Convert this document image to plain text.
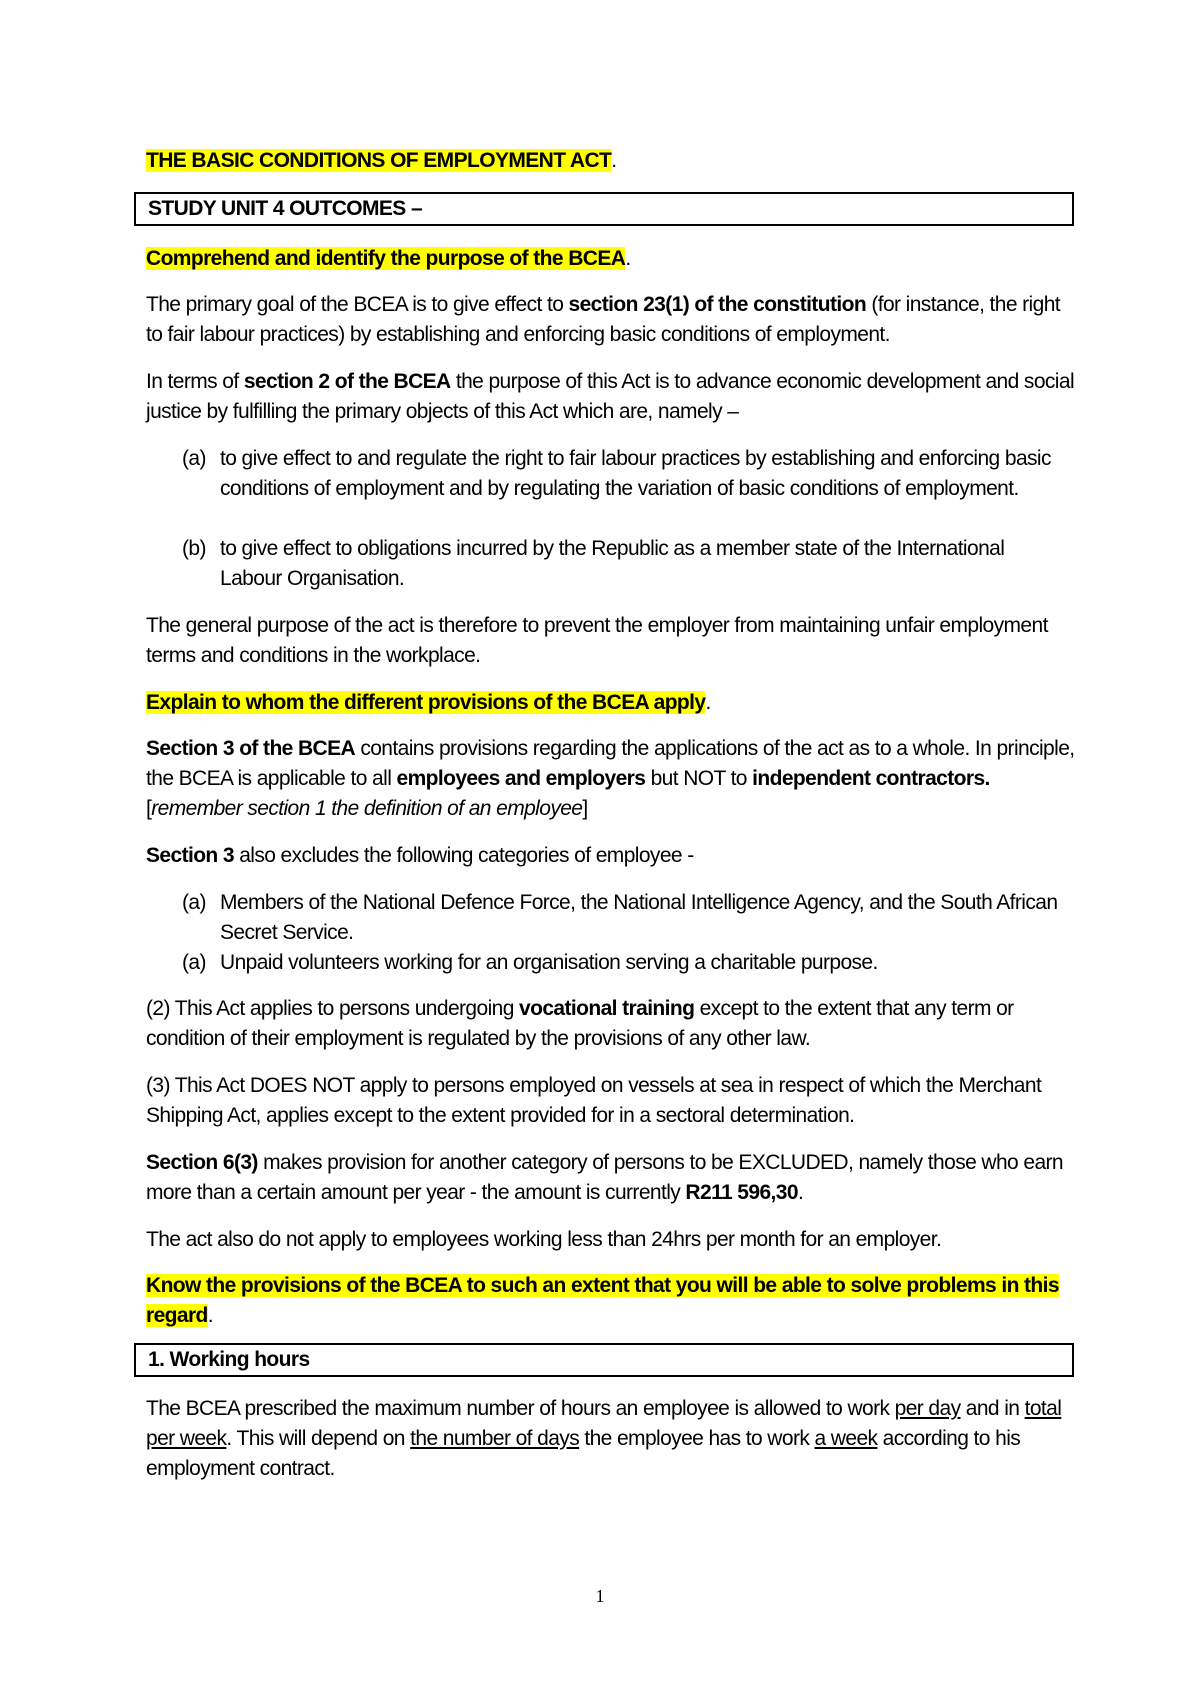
THE BASIC CONDITIONS OF EMPLOYMENT ACT.
STUDY UNIT 4 OUTCOMES –
Comprehend and identify the purpose of the BCEA.
The primary goal of the BCEA is to give effect to section 23(1) of the constitution (for instance, the right to fair labour practices) by establishing and enforcing basic conditions of employment.
In terms of section 2 of the BCEA the purpose of this Act is to advance economic development and social justice by fulfilling the primary objects of this Act which are, namely –
(a) to give effect to and regulate the right to fair labour practices by establishing and enforcing basic conditions of employment and by regulating the variation of basic conditions of employment.
(b) to give effect to obligations incurred by the Republic as a member state of the International Labour Organisation.
The general purpose of the act is therefore to prevent the employer from maintaining unfair employment terms and conditions in the workplace.
Explain to whom the different provisions of the BCEA apply.
Section 3 of the BCEA contains provisions regarding the applications of the act as to a whole. In principle, the BCEA is applicable to all employees and employers but NOT to independent contractors. [remember section 1 the definition of an employee]
Section 3 also excludes the following categories of employee -
(a) Members of the National Defence Force, the National Intelligence Agency, and the South African Secret Service.
(a) Unpaid volunteers working for an organisation serving a charitable purpose.
(2) This Act applies to persons undergoing vocational training except to the extent that any term or condition of their employment is regulated by the provisions of any other law.
(3) This Act DOES NOT apply to persons employed on vessels at sea in respect of which the Merchant Shipping Act, applies except to the extent provided for in a sectoral determination.
Section 6(3) makes provision for another category of persons to be EXCLUDED, namely those who earn more than a certain amount per year - the amount is currently R211 596,30.
The act also do not apply to employees working less than 24hrs per month for an employer.
Know the provisions of the BCEA to such an extent that you will be able to solve problems in this regard.
1. Working hours
The BCEA prescribed the maximum number of hours an employee is allowed to work per day and in total per week. This will depend on the number of days the employee has to work a week according to his employment contract.
1
